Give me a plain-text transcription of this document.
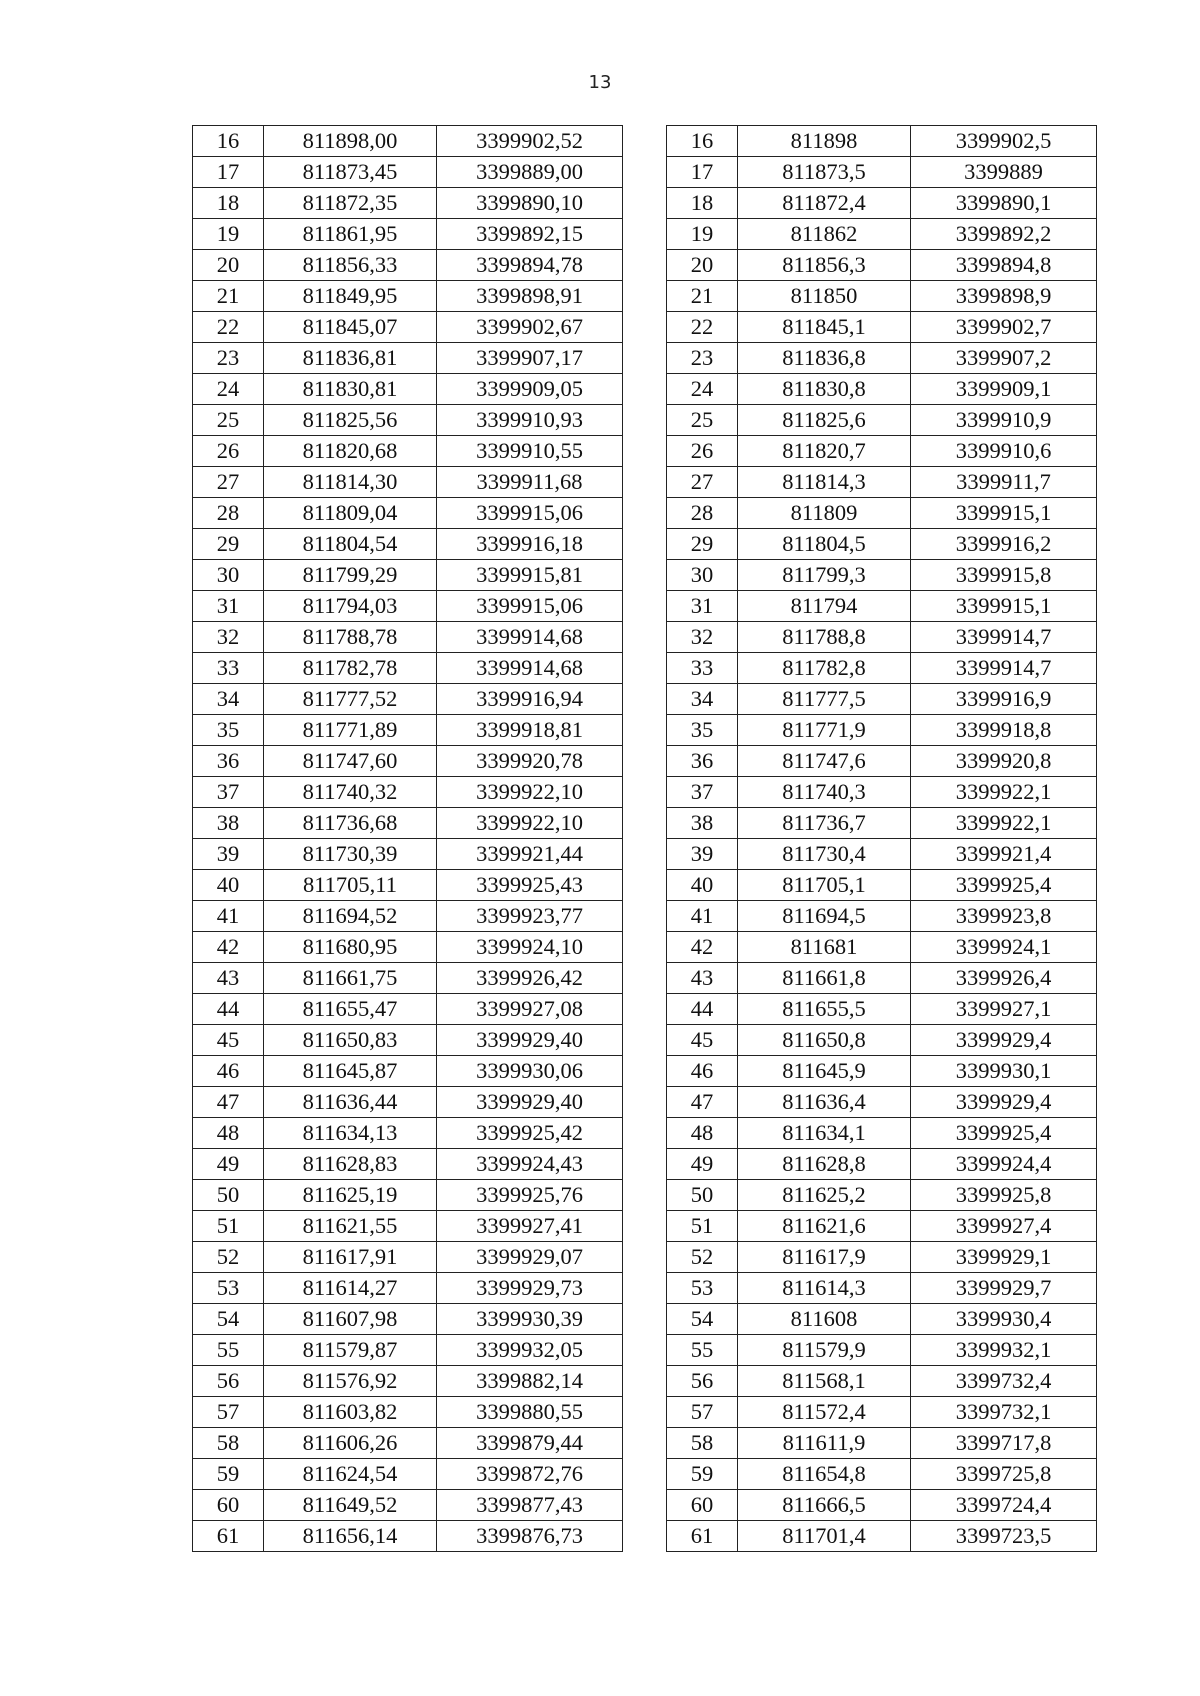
13
16	811898,00	3399902,52
17	811873,45	3399889,00
18	811872,35	3399890,10
19	811861,95	3399892,15
20	811856,33	3399894,78
21	811849,95	3399898,91
22	811845,07	3399902,67
23	811836,81	3399907,17
24	811830,81	3399909,05
25	811825,56	3399910,93
26	811820,68	3399910,55
27	811814,30	3399911,68
28	811809,04	3399915,06
29	811804,54	3399916,18
30	811799,29	3399915,81
31	811794,03	3399915,06
32	811788,78	3399914,68
33	811782,78	3399914,68
34	811777,52	3399916,94
35	811771,89	3399918,81
36	811747,60	3399920,78
37	811740,32	3399922,10
38	811736,68	3399922,10
39	811730,39	3399921,44
40	811705,11	3399925,43
41	811694,52	3399923,77
42	811680,95	3399924,10
43	811661,75	3399926,42
44	811655,47	3399927,08
45	811650,83	3399929,40
46	811645,87	3399930,06
47	811636,44	3399929,40
48	811634,13	3399925,42
49	811628,83	3399924,43
50	811625,19	3399925,76
51	811621,55	3399927,41
52	811617,91	3399929,07
53	811614,27	3399929,73
54	811607,98	3399930,39
55	811579,87	3399932,05
56	811576,92	3399882,14
57	811603,82	3399880,55
58	811606,26	3399879,44
59	811624,54	3399872,76
60	811649,52	3399877,43
61	811656,14	3399876,73
16	811898	3399902,5
17	811873,5	3399889
18	811872,4	3399890,1
19	811862	3399892,2
20	811856,3	3399894,8
21	811850	3399898,9
22	811845,1	3399902,7
23	811836,8	3399907,2
24	811830,8	3399909,1
25	811825,6	3399910,9
26	811820,7	3399910,6
27	811814,3	3399911,7
28	811809	3399915,1
29	811804,5	3399916,2
30	811799,3	3399915,8
31	811794	3399915,1
32	811788,8	3399914,7
33	811782,8	3399914,7
34	811777,5	3399916,9
35	811771,9	3399918,8
36	811747,6	3399920,8
37	811740,3	3399922,1
38	811736,7	3399922,1
39	811730,4	3399921,4
40	811705,1	3399925,4
41	811694,5	3399923,8
42	811681	3399924,1
43	811661,8	3399926,4
44	811655,5	3399927,1
45	811650,8	3399929,4
46	811645,9	3399930,1
47	811636,4	3399929,4
48	811634,1	3399925,4
49	811628,8	3399924,4
50	811625,2	3399925,8
51	811621,6	3399927,4
52	811617,9	3399929,1
53	811614,3	3399929,7
54	811608	3399930,4
55	811579,9	3399932,1
56	811568,1	3399732,4
57	811572,4	3399732,1
58	811611,9	3399717,8
59	811654,8	3399725,8
60	811666,5	3399724,4
61	811701,4	3399723,5
